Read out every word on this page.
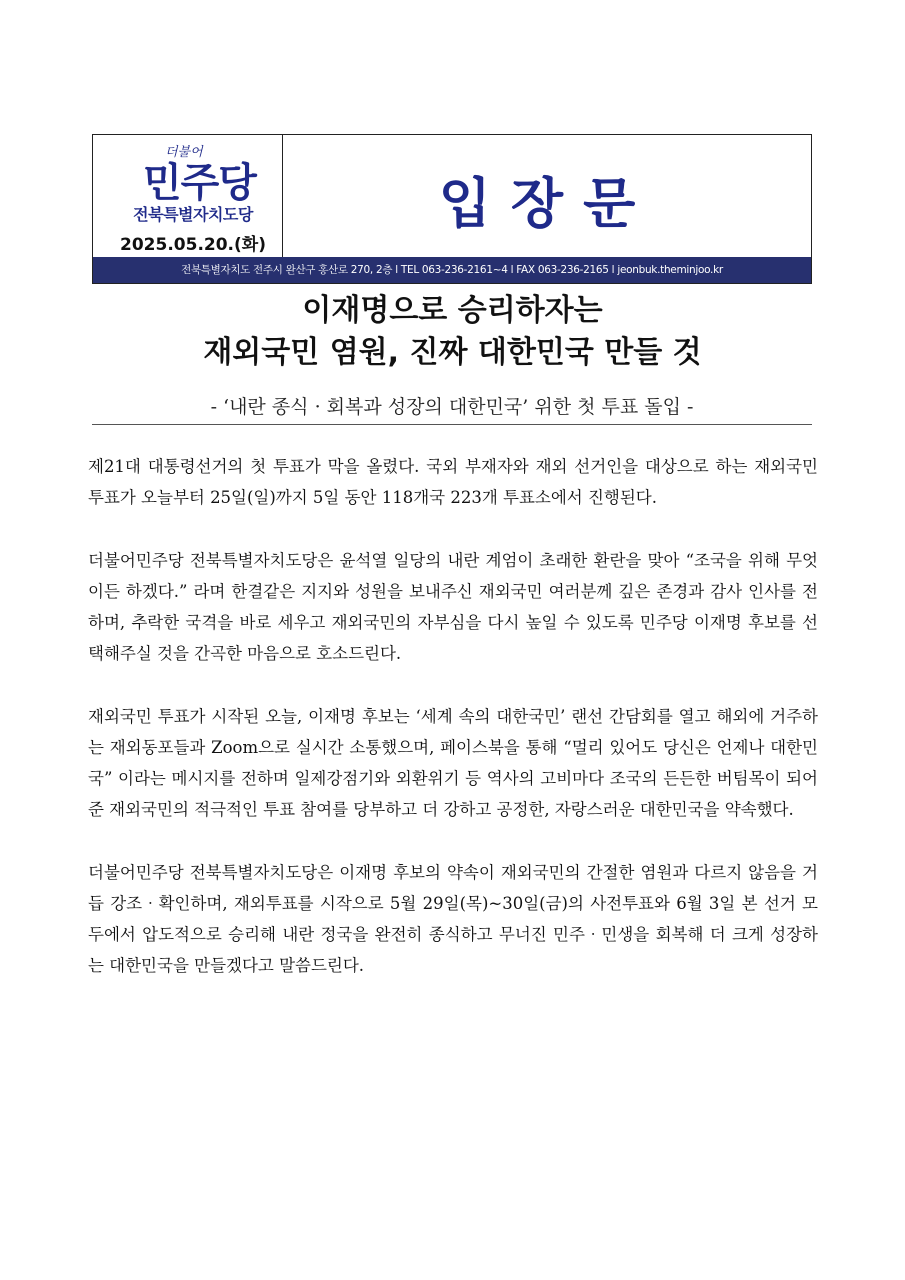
더불어
민주당
전북특별자치도당
2025.05.20.(화)
입장문
전북특별자치도 전주시 완산구 홍산로 270, 2층 l TEL 063-236-2161~4 l FAX 063-236-2165 l jeonbuk.theminjoo.kr
이재명으로 승리하자는
재외국민 염원, 진짜 대한민국 만들 것
- ‘내란 종식 · 회복과 성장의 대한민국’ 위한 첫 투표 돌입 -

제21대 대통령선거의 첫 투표가 막을 올렸다. 국외 부재자와 재외 선거인을 대상으로 하는 재외국민 투표가 오늘부터 25일(일)까지 5일 동안 118개국 223개 투표소에서 진행된다.

더불어민주당 전북특별자치도당은 윤석열 일당의 내란 계엄이 초래한 환란을 맞아 “조국을 위해 무엇이든 하겠다.” 라며 한결같은 지지와 성원을 보내주신 재외국민 여러분께 깊은 존경과 감사 인사를 전하며, 추락한 국격을 바로 세우고 재외국민의 자부심을 다시 높일 수 있도록 민주당 이재명 후보를 선택해주실 것을 간곡한 마음으로 호소드린다.

재외국민 투표가 시작된 오늘, 이재명 후보는 ‘세계 속의 대한국민’ 랜선 간담회를 열고 해외에 거주하는 재외동포들과 Zoom으로 실시간 소통했으며, 페이스북을 통해 “멀리 있어도 당신은 언제나 대한민국” 이라는 메시지를 전하며 일제강점기와 외환위기 등 역사의 고비마다 조국의 든든한 버팀목이 되어준 재외국민의 적극적인 투표 참여를 당부하고 더 강하고 공정한, 자랑스러운 대한민국을 약속했다.

더불어민주당 전북특별자치도당은 이재명 후보의 약속이 재외국민의 간절한 염원과 다르지 않음을 거듭 강조‧확인하며, 재외투표를 시작으로 5월 29일(목)~30일(금)의 사전투표와 6월 3일 본 선거 모두에서 압도적으로 승리해 내란 정국을 완전히 종식하고 무너진 민주‧민생을 회복해 더 크게 성장하는 대한민국을 만들겠다고 말씀드린다.
